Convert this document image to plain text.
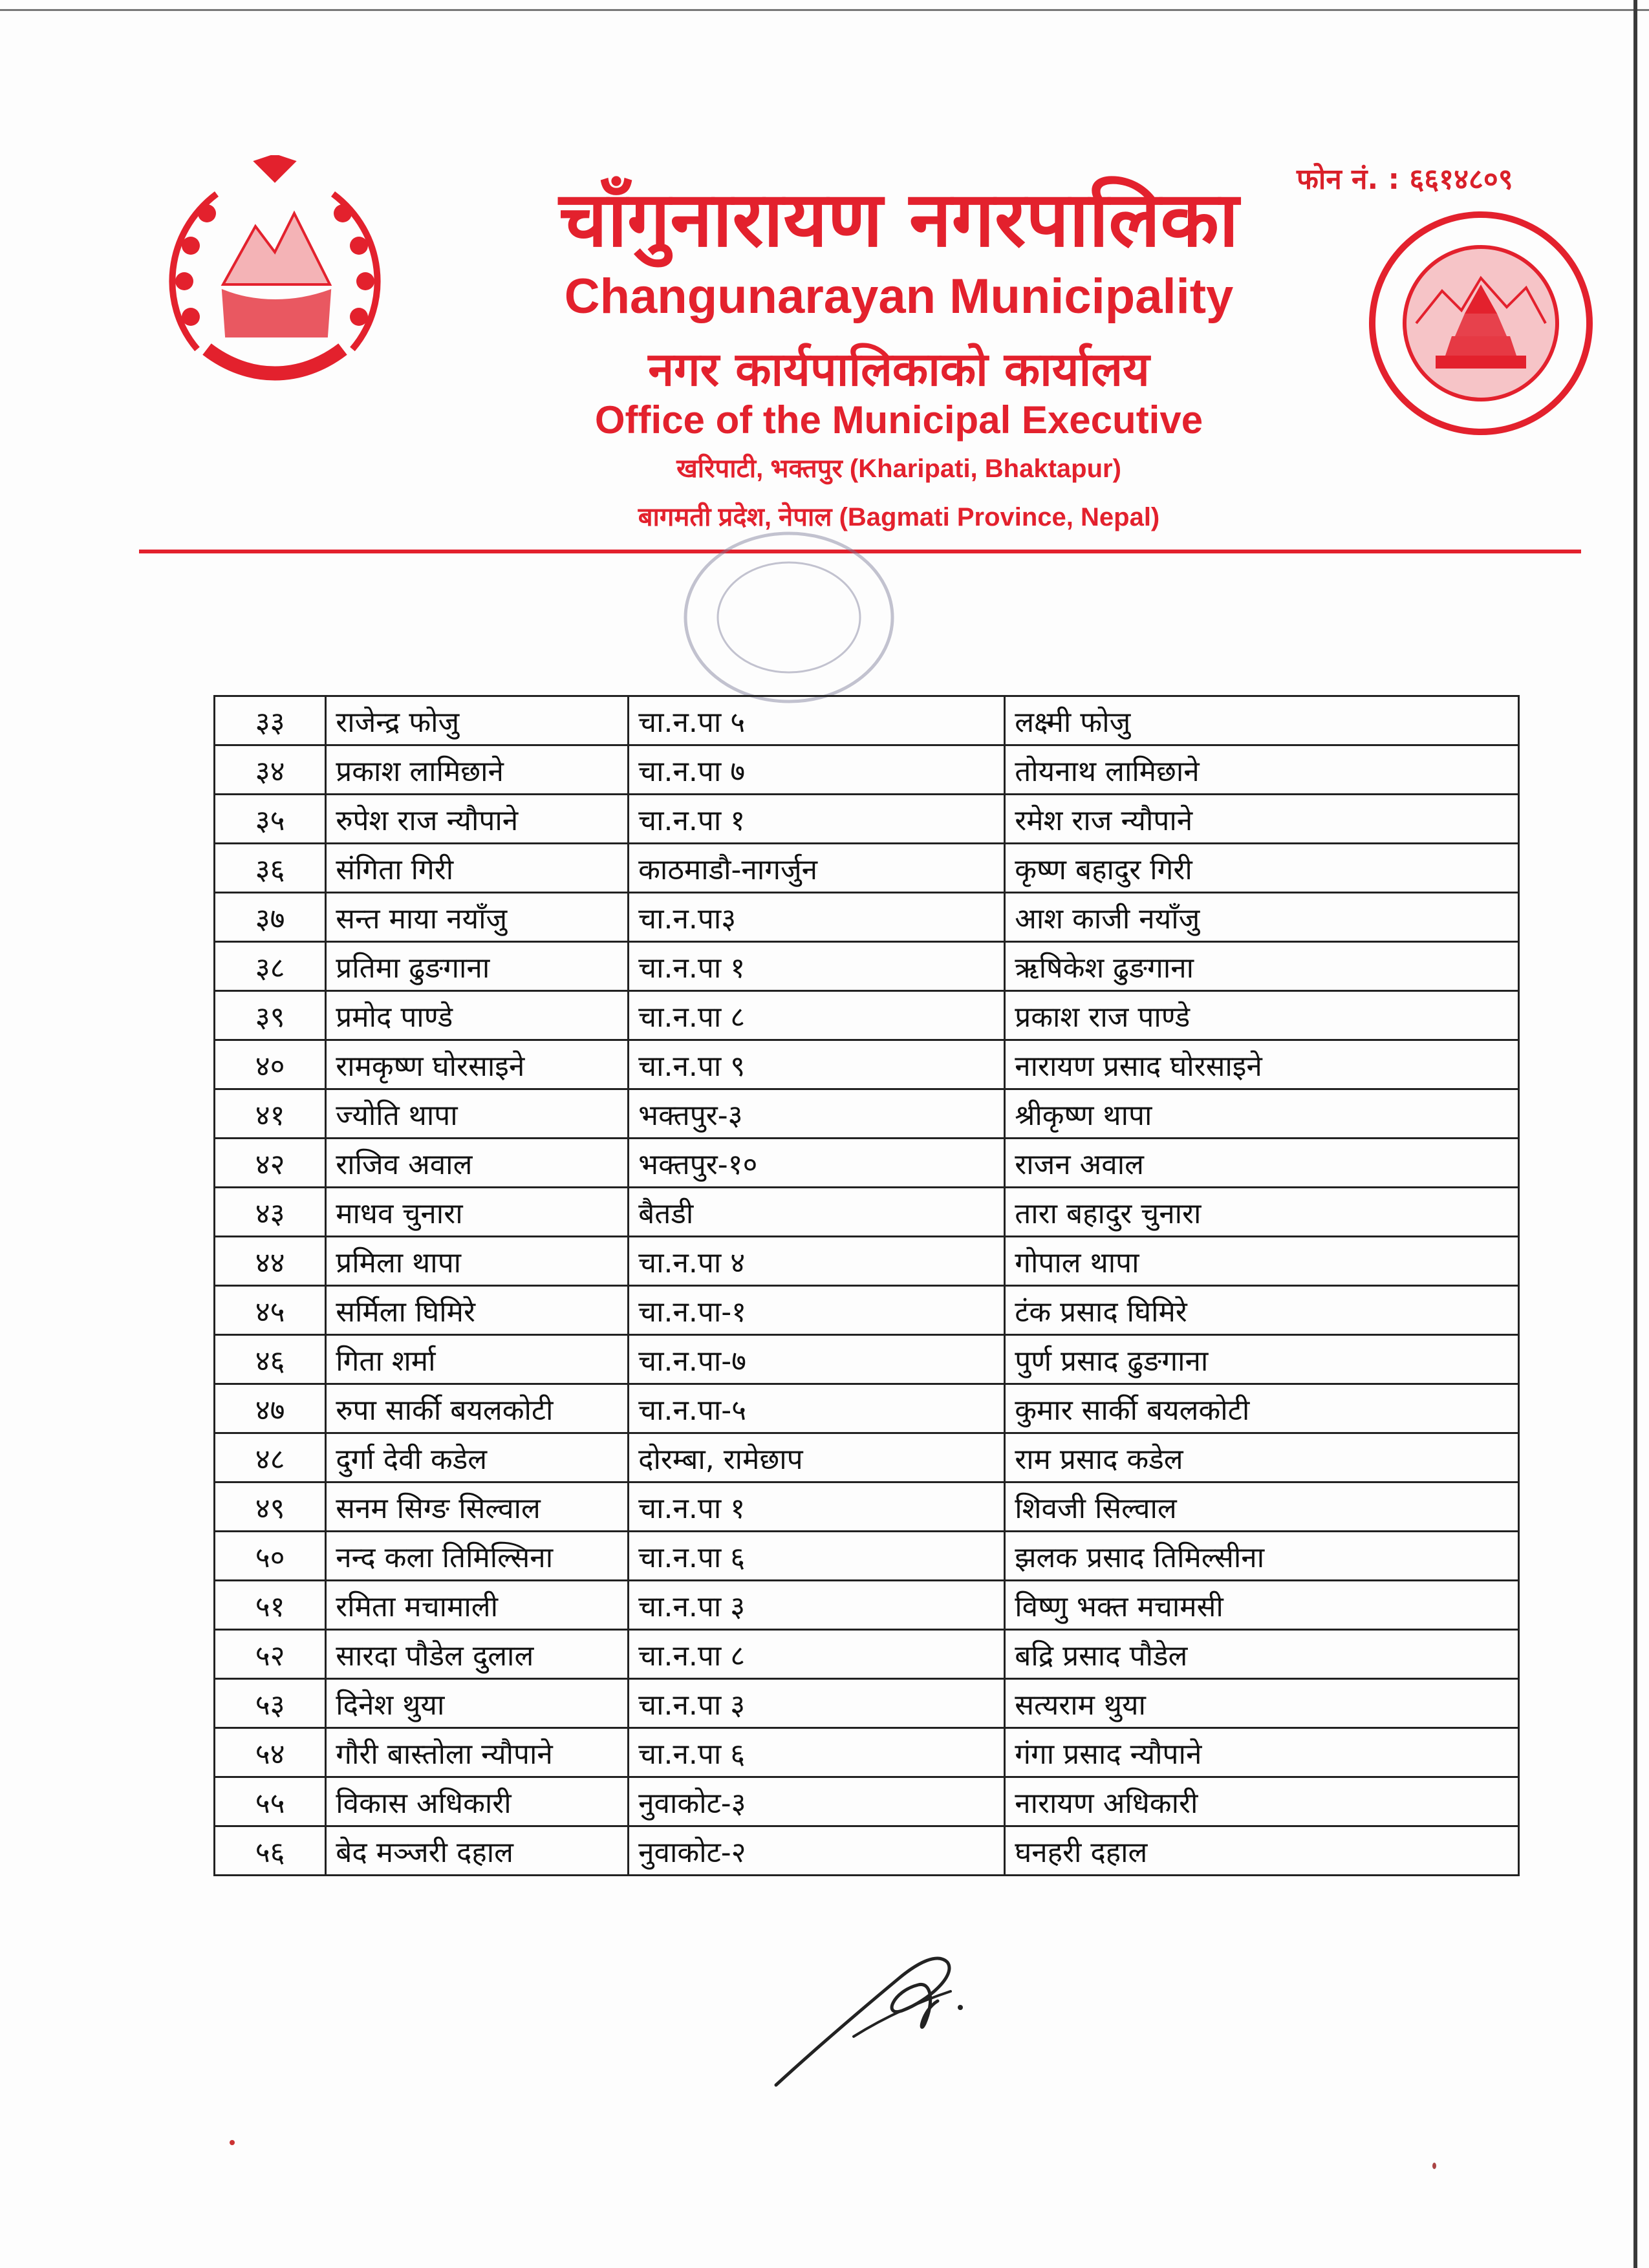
फोन नं. : ६६१४८०९
चाँगुनारायण नगरपालिका
Changunarayan Municipality
नगर कार्यपालिकाको कार्यालय
Office of the Municipal Executive
खरिपाटी, भक्तपुर (Kharipati, Bhaktapur)
बागमती प्रदेश, नेपाल (Bagmati Province, Nepal)
३३	राजेन्द्र फोजु	चा.न.पा ५	लक्ष्मी फोजु
३४	प्रकाश लामिछाने	चा.न.पा ७	तोयनाथ लामिछाने
३५	रुपेश राज न्यौपाने	चा.न.पा १	रमेश राज न्यौपाने
३६	संगिता गिरी	काठमाडौ-नागर्जुन	कृष्ण बहादुर गिरी
३७	सन्त माया नयाँजु	चा.न.पा३	आश काजी नयाँजु
३८	प्रतिमा ढुङगाना	चा.न.पा १	ऋषिकेश ढुङगाना
३९	प्रमोद पाण्डे	चा.न.पा ८	प्रकाश राज पाण्डे
४०	रामकृष्ण घोरसाइने	चा.न.पा ९	नारायण प्रसाद घोरसाइने
४१	ज्योति थापा	भक्तपुर-३	श्रीकृष्ण थापा
४२	राजिव अवाल	भक्तपुर-१०	राजन अवाल
४३	माधव चुनारा	बैतडी	तारा बहादुर चुनारा
४४	प्रमिला थापा	चा.न.पा ४	गोपाल थापा
४५	सर्मिला घिमिरे	चा.न.पा-१	टंक प्रसाद घिमिरे
४६	गिता शर्मा	चा.न.पा-७	पुर्ण प्रसाद ढुङगाना
४७	रुपा सार्की बयलकोटी	चा.न.पा-५	कुमार सार्की बयलकोटी
४८	दुर्गा देवी कडेल	दोरम्बा, रामेछाप	राम प्रसाद कडेल
४९	सनम सिग्ङ सिल्वाल	चा.न.पा १	शिवजी सिल्वाल
५०	नन्द कला तिमिल्सिना	चा.न.पा ६	झलक प्रसाद तिमिल्सीना
५१	रमिता मचामाली	चा.न.पा ३	विष्णु भक्त मचामसी
५२	सारदा पौडेल दुलाल	चा.न.पा ८	बद्रि प्रसाद पौडेल
५३	दिनेश थुया	चा.न.पा ३	सत्यराम थुया
५४	गौरी बास्तोला न्यौपाने	चा.न.पा ६	गंगा प्रसाद न्यौपाने
५५	विकास अधिकारी	नुवाकोट-३	नारायण अधिकारी
५६	बेद मञ्जरी दहाल	नुवाकोट-२	घनहरी दहाल
